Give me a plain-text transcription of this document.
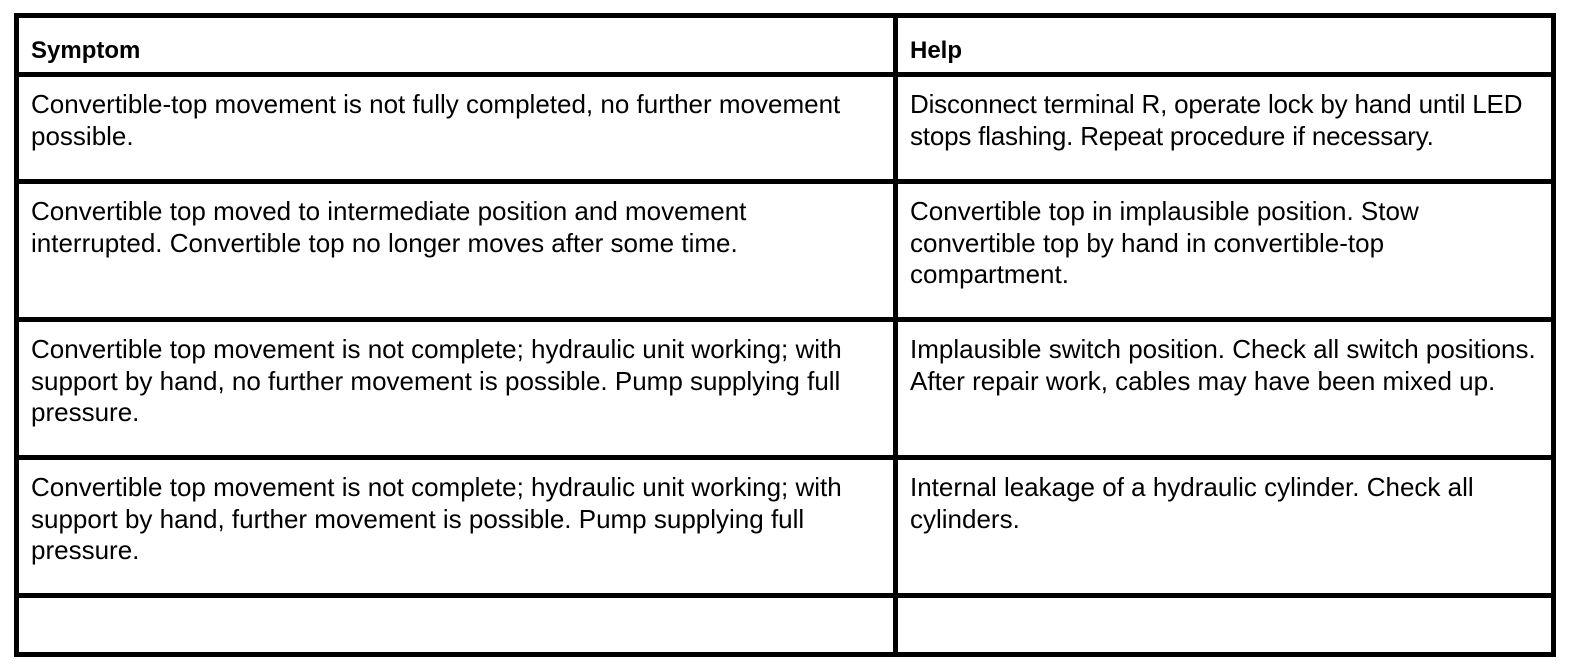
Symptom	Help
Convertible-top movement is not fully completed, no further movement possible.	Disconnect terminal R, operate lock by hand until LED stops flashing. Repeat procedure if necessary.
Convertible top moved to intermediate position and movement interrupted. Convertible top no longer moves after some time.	Convertible top in implausible position. Stow convertible top by hand in convertible-top compartment.
Convertible top movement is not complete; hydraulic unit working; with support by hand, no further movement is possible. Pump supplying full pressure.	Implausible switch position. Check all switch positions. After repair work, cables may have been mixed up.
Convertible top movement is not complete; hydraulic unit working; with support by hand, further movement is possible. Pump supplying full pressure.	Internal leakage of a hydraulic cylinder. Check all cylinders.
